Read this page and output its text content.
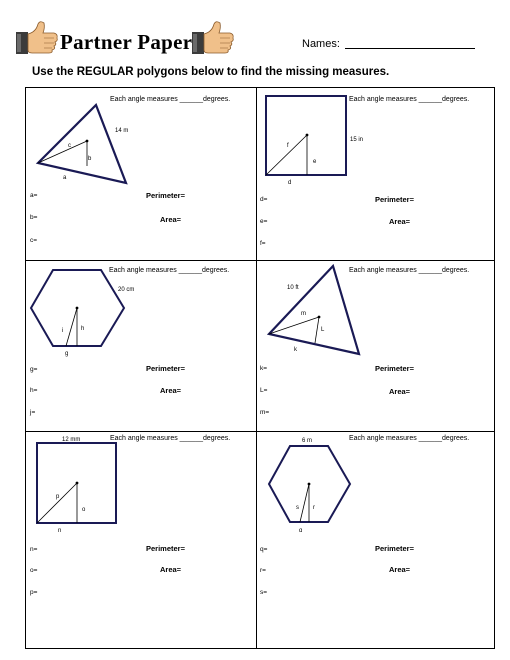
Partner Paper	Names:
Use the REGULAR polygons below to find the missing measures.
14 m
c
b
a
Each angle measures ______degrees.
Perimeter=
Area=
a=
b=
c=
15 in
f
e
d
Each angle measures ______degrees.
Perimeter=
Area=
d=
e=
f=
20 cm
i	h
g
Each angle measures ______degrees.
Perimeter=
Area=
g=
h=
j=
10 ft
m
L
k
Each angle measures ______degrees.
Perimeter=
Area=
k=
L=
m=
12 mm
p
o
n
Each angle measures ______degrees.
Perimeter=
Area=
n=
o=
p=
6 m
s r
q
Each angle measures ______degrees.
Perimeter=
Area=
q=
r=
s=
